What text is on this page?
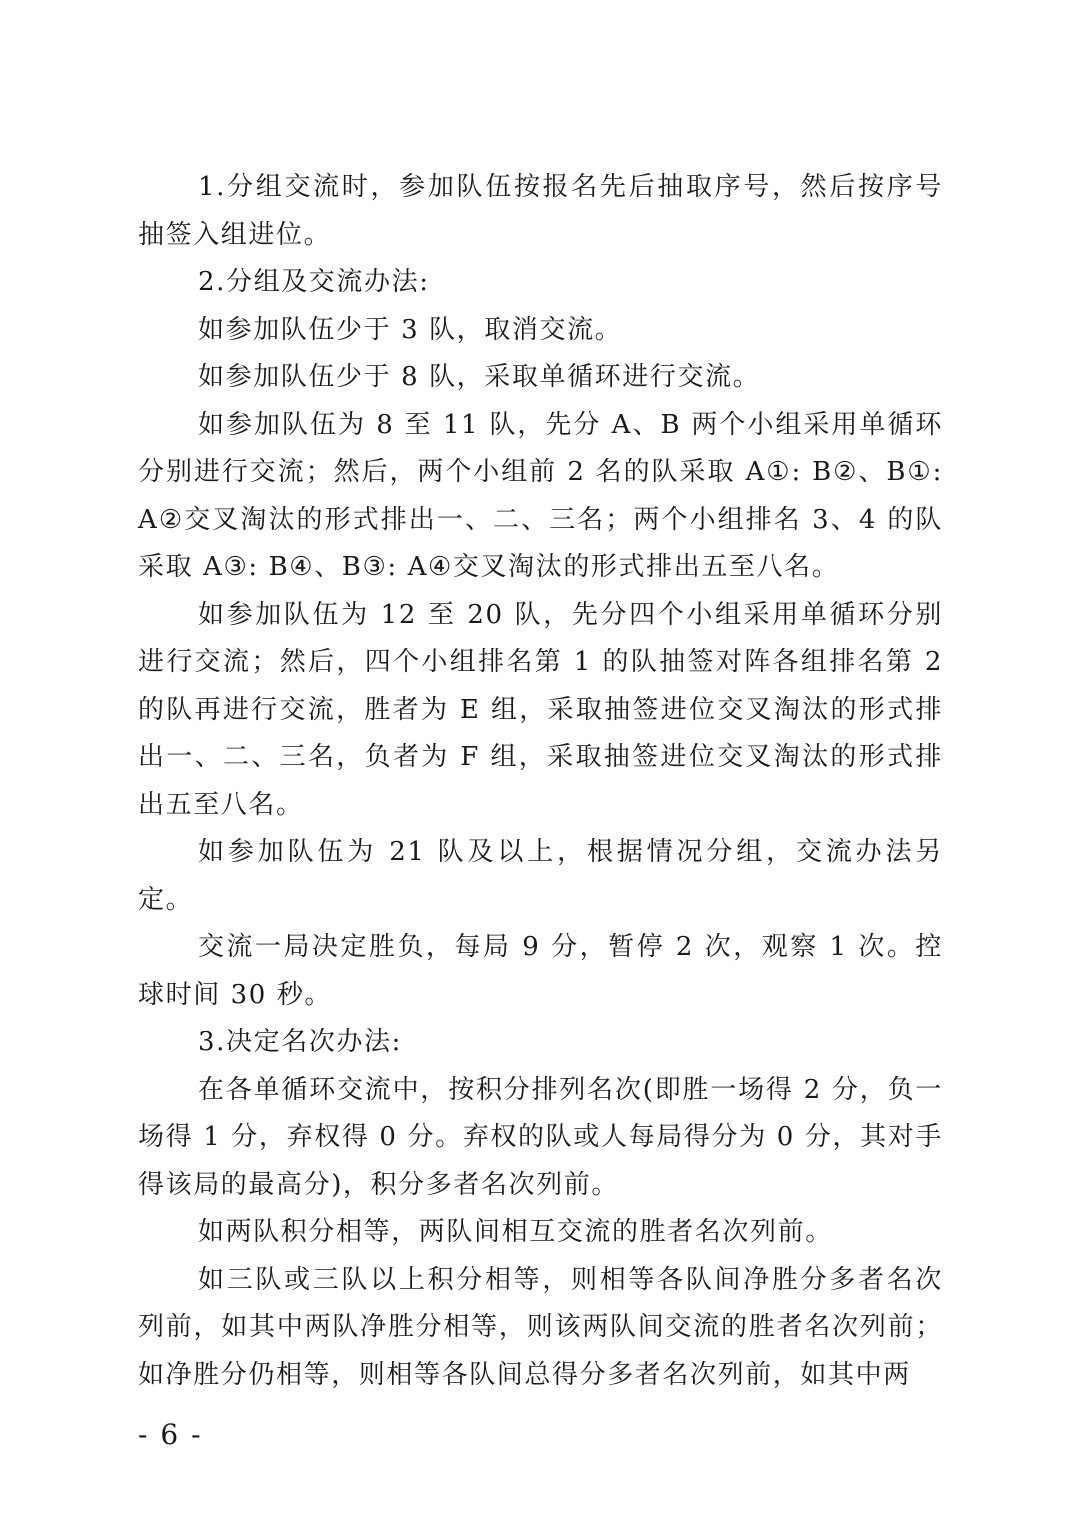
1.分组交流时，参加队伍按报名先后抽取序号，然后按序号抽签入组进位。

2.分组及交流办法:

如参加队伍少于 3 队，取消交流。

如参加队伍少于 8 队，采取单循环进行交流。

如参加队伍为 8 至 11 队，先分 A、B 两个小组采用单循环分别进行交流；然后，两个小组前 2 名的队采取 A①: B②、B①: A②交叉淘汰的形式排出一、二、三名；两个小组排名 3、4 的队采取 A③: B④、B③: A④交叉淘汰的形式排出五至八名。

如参加队伍为 12 至 20 队，先分四个小组采用单循环分别进行交流；然后，四个小组排名第 1 的队抽签对阵各组排名第 2 的队再进行交流，胜者为 E 组，采取抽签进位交叉淘汰的形式排出一、二、三名，负者为 F 组，采取抽签进位交叉淘汰的形式排出五至八名。

如参加队伍为 21 队及以上，根据情况分组，交流办法另定。

交流一局决定胜负，每局 9 分，暂停 2 次，观察 1 次。控球时间 30 秒。

3.决定名次办法:

在各单循环交流中，按积分排列名次(即胜一场得 2 分，负一场得 1 分，弃权得 0 分。弃权的队或人每局得分为 0 分，其对手得该局的最高分)，积分多者名次列前。

如两队积分相等，两队间相互交流的胜者名次列前。

如三队或三队以上积分相等，则相等各队间净胜分多者名次列前，如其中两队净胜分相等，则该两队间交流的胜者名次列前；如净胜分仍相等，则相等各队间总得分多者名次列前，如其中两

- 6 -
